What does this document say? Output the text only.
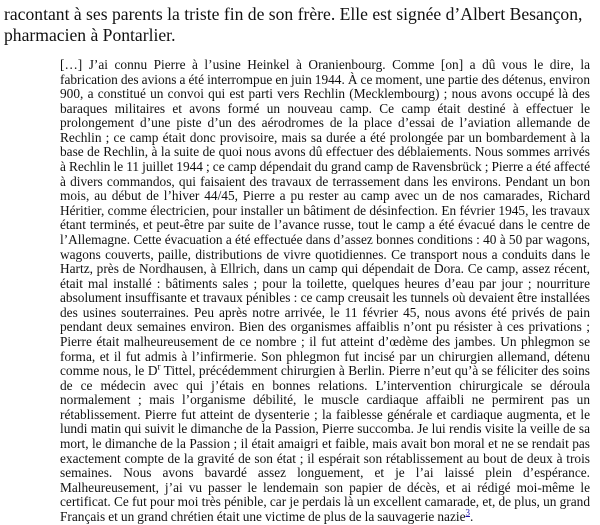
racontant à ses parents la triste fin de son frère. Elle est signée d’Albert Besançon, pharmacien à Pontarlier.

[…] J’ai connu Pierre à l’usine Heinkel à Oranienbourg. Comme [on] a dû vous le dire, la fabrication des avions a été interrompue en juin 1944. À ce moment, une partie des détenus, environ 900, a constitué un convoi qui est parti vers Rechlin (Mecklembourg) ; nous avons occupé là des baraques militaires et avons formé un nouveau camp. Ce camp était destiné à effectuer le prolongement d’une piste d’un des aérodromes de la place d’essai de l’aviation allemande de Rechlin ; ce camp était donc provisoire, mais sa durée a été prolongée par un bombardement à la base de Rechlin, à la suite de quoi nous avons dû effectuer des déblaiements. Nous sommes arrivés à Rechlin le 11 juillet 1944 ; ce camp dépendait du grand camp de Ravensbrück ; Pierre a été affecté à divers commandos, qui faisaient des travaux de terrassement dans les environs. Pendant un bon mois, au début de l’hiver 44/45, Pierre a pu rester au camp avec un de nos camarades, Richard Héritier, comme électricien, pour installer un bâtiment de désinfection. En février 1945, les travaux étant terminés, et peut-être par suite de l’avance russe, tout le camp a été évacué dans le centre de l’Allemagne. Cette évacuation a été effectuée dans d’assez bonnes conditions : 40 à 50 par wagons, wagons couverts, paille, distributions de vivre quotidiennes. Ce transport nous a conduits dans le Hartz, près de Nordhausen, à Ellrich, dans un camp qui dépendait de Dora. Ce camp, assez récent, était mal installé : bâtiments sales ; pour la toilette, quelques heures d’eau par jour ; nourriture absolument insuffisante et travaux pénibles : ce camp creusait les tunnels où devaient être installées des usines souterraines. Peu après notre arrivée, le 11 février 45, nous avons été privés de pain pendant deux semaines environ. Bien des organismes affaiblis n’ont pu résister à ces privations ; Pierre était malheureusement de ce nombre ; il fut atteint d’œdème des jambes. Un phlegmon se forma, et il fut admis à l’infirmerie. Son phlegmon fut incisé par un chirurgien allemand, détenu comme nous, le $D^r$ Tittel, précédemment chirurgien à Berlin. Pierre n’eut qu’à se féliciter des soins de ce médecin avec qui j’étais en bonnes relations. L’intervention chirurgicale se déroula normalement ; mais l’organisme débilité, le muscle cardiaque affaibli ne permirent pas un rétablissement. Pierre fut atteint de dysenterie ; la faiblesse générale et cardiaque augmenta, et le lundi matin qui suivit le dimanche de la Passion, Pierre succomba. Je lui rendis visite la veille de sa mort, le dimanche de la Passion ; il était amaigri et faible, mais avait bon moral et ne se rendait pas exactement compte de la gravité de son état ; il espérait son rétablissement au bout de deux à trois semaines. Nous avons bavardé assez longuement, et je l’ai laissé plein d’espérance. Malheureusement, j’ai vu passer le lendemain son papier de décès, et ai rédigé moi-même le certificat. Ce fut pour moi très pénible, car je perdais là un excellent camarade, et, de plus, un grand Français et un grand chrétien était une victime de plus de la sauvagerie nazie$^3$.
